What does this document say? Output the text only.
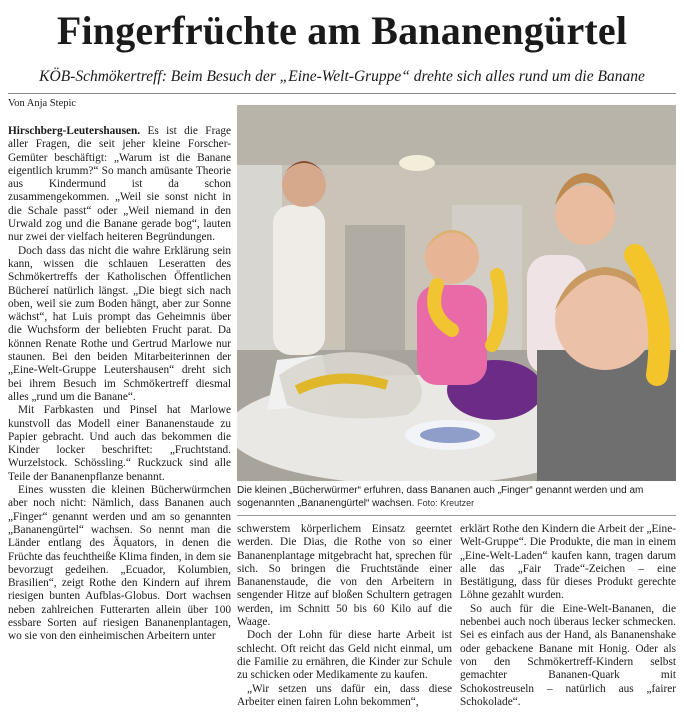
Fingerfrüchte am Bananengürtel
KÖB-Schmökertreff: Beim Besuch der „Eine-Welt-Gruppe“ drehte sich alles rund um die Banane
Von Anja Stepic

Hirschberg-Leutershausen. Es ist die Frage aller Fragen, die seit jeher kleine Forscher-Gemüter beschäftigt: „Warum ist die Banane eigentlich krumm?“ So manch amüsante Theorie aus Kindermund ist da schon zusammengekommen. „Weil sie sonst nicht in die Schale passt“ oder „Weil niemand in den Urwald zog und die Banane gerade bog“, lauten nur zwei der vielfach heiteren Begründungen.

Doch dass das nicht die wahre Erklärung sein kann, wissen die schlauen Leseratten des Schmökertreffs der Katholischen Öffentlichen Büchereí natürlich längst. „Die biegt sich nach oben, weil sie zum Boden hängt, aber zur Sonne wächst“, hat Luis prompt das Geheimnis über die Wuchsform der beliebten Frucht parat. Da können Renate Rothe und Gertrud Marlowe nur staunen. Bei den beiden Mitarbeiterinnen der „Eine-Welt-Gruppe Leutershausen“ dreht sich bei ihrem Besuch im Schmökertreff diesmal alles „rund um die Banane“.

Mit Farbkasten und Pinsel hat Marlowe kunstvoll das Modell einer Bananenstaude zu Papier gebracht. Und auch das bekommen die Kinder locker beschriftet: „Fruchtstand. Wurzelstock. Schössling.“ Ruckzuck sind alle Teile der Bananenpflanze benannt.

Eines wussten die kleinen Bücherwürmchen aber noch nicht: Nämlich, dass Bananen auch „Finger“ genannt werden und am so genannten „Bananengürtel“ wachsen. So nennt man die Länder entlang des Äquators, in denen die Früchte das feuchtheiße Klima finden, in dem sie bevorzugt gedeihen. „Ecuador, Kolumbien, Brasilien“, zeigt Rothe den Kindern auf ihrem riesigen bunten Aufblas-Globus. Dort wachsen neben zahlreichen Futterarten allein über 100 essbare Sorten auf riesigen Bananenplantagen, wo sie von den einheimischen Arbeitern unter

Die kleinen „Bücherwürmer“ erfuhren, dass Bananen auch „Finger“ genannt werden und am sogenannten „Bananengürtel“ wachsen. Foto: Kreutzer

schwerstem körperlichem Einsatz geerntet werden. Die Dias, die Rothe von so einer Bananenplantage mitgebracht hat, sprechen für sich. So bringen die Fruchtstände einer Bananenstaude, die von den Arbeitern in sengender Hitze auf bloßen Schultern getragen werden, im Schnitt 50 bis 60 Kilo auf die Waage.

Doch der Lohn für diese harte Arbeit ist schlecht. Oft reicht das Geld nicht einmal, um die Familie zu ernähren, die Kinder zur Schule zu schicken oder Medikamente zu kaufen.

„Wir setzen uns dafür ein, dass diese Arbeiter einen fairen Lohn bekommen“,

erklärt Rothe den Kindern die Arbeit der „Eine-Welt-Gruppe“. Die Produkte, die man in einem „Eine-Welt-Laden“ kaufen kann, tragen darum alle das „Fair Trade“-Zeichen – eine Bestätigung, dass für dieses Produkt gerechte Löhne gezahlt wurden.

So auch für die Eine-Welt-Bananen, die nebenbei auch noch überaus lecker schmecken. Sei es einfach aus der Hand, als Bananenshake oder gebackene Banane mit Honig. Oder als von den Schmökertreff-Kindern selbst gemachter Bananen-Quark mit Schokostreuseln – natürlich aus „fairer Schokolade“.
